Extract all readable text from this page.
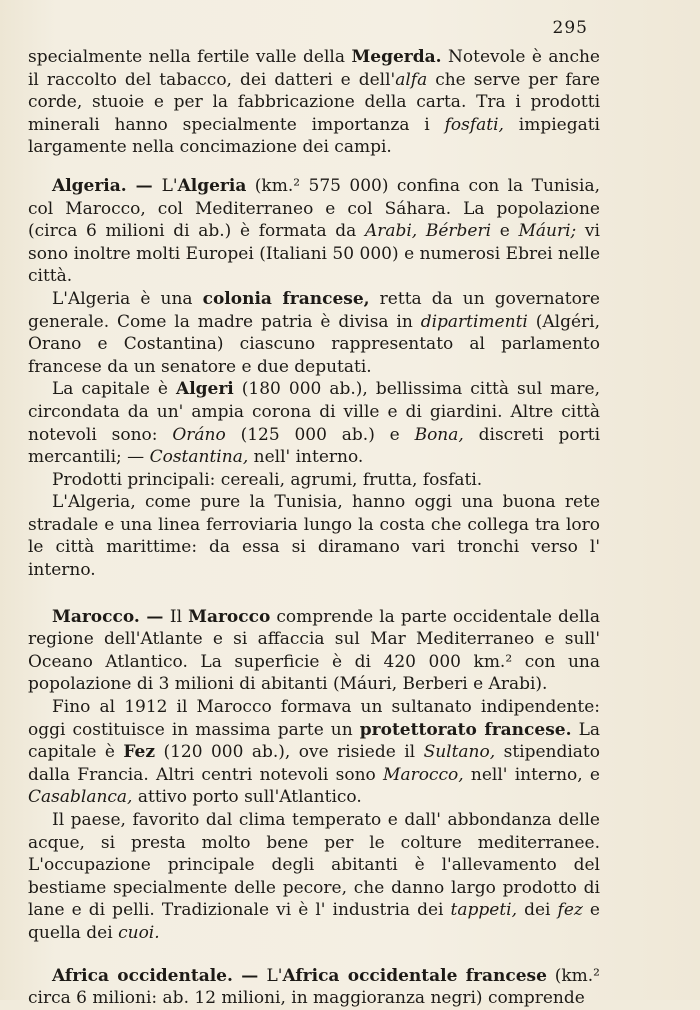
295

specialmente nella fertile valle della Megerda. Notevole è anche il raccolto del tabacco, dei datteri e dell'alfa che serve per fare corde, stuoie e per la fabbricazione della carta. Tra i prodotti minerali hanno specialmente importanza i fosfati, impiegati largamente nella concimazione dei campi.

Algeria. — L'Algeria (km.² 575 000) confina con la Tunisia, col Marocco, col Mediterraneo e col Sáhara. La popolazione (circa 6 milioni di ab.) è formata da Arabi, Bérberi e Máuri; vi sono inoltre molti Europei (Italiani 50 000) e numerosi Ebrei nelle città.

L'Algeria è una colonia francese, retta da un governatore generale. Come la madre patria è divisa in dipartimenti (Algéri, Orano e Costantina) ciascuno rappresentato al parlamento francese da un senatore e due deputati.

La capitale è Algeri (180 000 ab.), bellissima città sul mare, circondata da un' ampia corona di ville e di giardini. Altre città notevoli sono: Oráno (125 000 ab.) e Bona, discreti porti mercantili; — Costantina, nell' interno.

Prodotti principali: cereali, agrumi, frutta, fosfati.

L'Algeria, come pure la Tunisia, hanno oggi una buona rete stradale e una linea ferroviaria lungo la costa che collega tra loro le città marittime: da essa si diramano vari tronchi verso l' interno.

Marocco. — Il Marocco comprende la parte occidentale della regione dell'Atlante e si affaccia sul Mar Mediterraneo e sull' Oceano Atlantico. La superficie è di 420 000 km.² con una popolazione di 3 milioni di abitanti (Máuri, Berberi e Arabi).

Fino al 1912 il Marocco formava un sultanato indipendente: oggi costituisce in massima parte un protettorato francese. La capitale è Fez (120 000 ab.), ove risiede il Sultano, stipendiato dalla Francia. Altri centri notevoli sono Marocco, nell' interno, e Casablanca, attivo porto sull'Atlantico.

Il paese, favorito dal clima temperato e dall' abbondanza delle acque, si presta molto bene per le colture mediterranee. L'occupazione principale degli abitanti è l'allevamento del bestiame specialmente delle pecore, che danno largo prodotto di lane e di pelli. Tradizionale vi è l' industria dei tappeti, dei fez e quella dei cuoi.

Africa occidentale. — L'Africa occidentale francese (km.² circa 6 milioni: ab. 12 milioni, in maggioranza negri) comprende
